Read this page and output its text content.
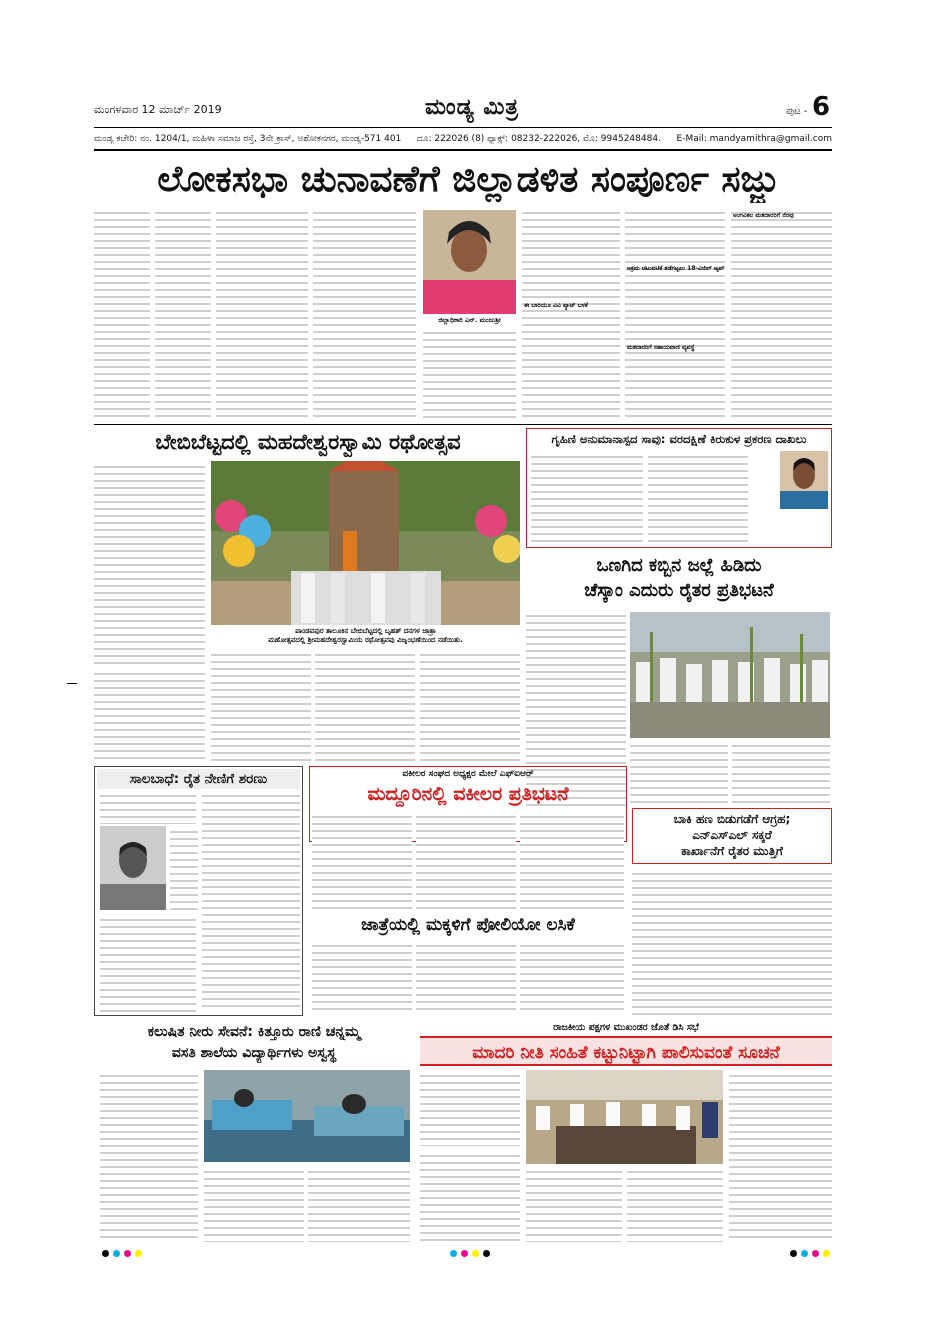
ಮಂಗಳವಾರ 12 ಮಾರ್ಚ್ 2019	ಮಂಡ್ಯ ಮಿತ್ರ	ಪುಟ - 6
ಮಂಡ್ಯ ಕಚೇರಿ: ನಂ. 1204/1, ಮಹಿಳಾ ಸಮಾಜ ರಸ್ತೆ, 3ನೇ ಕ್ರಾಸ್, ಅಶೋಕನಗರ, ಮಂಡ್ಯ-571 401 ದೂ: 222026 (8) ಫ್ಯಾಕ್ಸ್: 08232-222026, ಮೊ: 9945248484. E-Mail: mandyamithra@gmail.com
ಲೋಕಸಭಾ ಚುನಾವಣೆಗೆ ಜಿಲ್ಲಾಡಳಿತ ಸಂಪೂರ್ಣ ಸಜ್ಜು
ಜಿಲ್ಲಾಧಿಕಾರಿ ಎನ್. ಮಂಜುಶ್ರೀ
ಈ ಬಾರಿಯೂ ವಿವಿ ಪ್ಯಾಟ್ ಬಳಕೆ
ಅಕ್ರಮ ಚಟುವಟಿಕೆ ತಡೆಗಟ್ಟಲು 18-ವಿಜಿಲ್ ಆ್ಯಪ್
ಮತದಾರರಿಗೆ ಸಹಾಯವಾಣಿ ವ್ಯವಸ್ಥೆ
ಅಂಗವಿಕಲ ಮತದಾರರಿಗೆ ನೆರವು
ಬೇಬಿಬೆಟ್ಟದಲ್ಲಿ ಮಹದೇಶ್ವರಸ್ವಾಮಿ ರಥೋತ್ಸವ
ಪಾಂಡವಪುರ ತಾಲೂಕಿನ ಬೇಬಿಬೆಟ್ಟದಲ್ಲಿ ಬೃಹತ್ ದನಗಳ ಜಾತ್ರಾ
ಮಹೋತ್ಸವದಲ್ಲಿ ಶ್ರೀಮಹದೇಶ್ವರಸ್ವಾಮಿಯ ರಥೋತ್ಸವವು ವಿಜೃಂಭಣೆಯಿಂದ ನಡೆಯಿತು.
ಗೃಹಿಣಿ ಅನುಮಾನಾಸ್ಪದ ಸಾವು: ವರದಕ್ಷಿಣೆ ಕಿರುಕುಳ ಪ್ರಕರಣ ದಾಖಲು
ಒಣಗಿದ ಕಬ್ಬಿನ ಜಲ್ಲೆ ಹಿಡಿದು
ಚೆಸ್ಕಾಂ ಎದುರು ರೈತರ ಪ್ರತಿಭಟನೆ
ಸಾಲಬಾಧೆ: ರೈತ ನೇಣಿಗೆ ಶರಣು	ವಕೀಲರ ಸಂಘದ ಅಧ್ಯಕ್ಷರ ಮೇಲೆ ಎಫ್‌ಐಆರ್
ಮದ್ದೂರಿನಲ್ಲಿ ವಕೀಲರ ಪ್ರತಿಭಟನೆ
ಜಾತ್ರೆಯಲ್ಲಿ ಮಕ್ಕಳಿಗೆ ಪೋಲಿಯೋ ಲಸಿಕೆ
ಬಾಕಿ ಹಣ ಬಿಡುಗಡೆಗೆ ಆಗ್ರಹ;
ಎನ್‌ಎಸ್‌ಎಲ್ ಸಕ್ಕರೆ
ಕಾರ್ಖಾನೆಗೆ ರೈತರ ಮುತ್ತಿಗೆ
ಕಲುಷಿತ ನೀರು ಸೇವನೆ: ಕಿತ್ತೂರು ರಾಣಿ ಚನ್ನಮ್ಮ
ವಸತಿ ಶಾಲೆಯ ವಿದ್ಯಾರ್ಥಿಗಳು ಅಸ್ವಸ್ಥ
ರಾಜಕೀಯ ಪಕ್ಷಗಳ ಮುಖಂಡರ ಜೊತೆ ಡಿಸಿ ಸಭೆ
ಮಾದರಿ ನೀತಿ ಸಂಹಿತೆ ಕಟ್ಟುನಿಟ್ಟಾಗಿ ಪಾಲಿಸುವಂತೆ ಸೂಚನೆ
